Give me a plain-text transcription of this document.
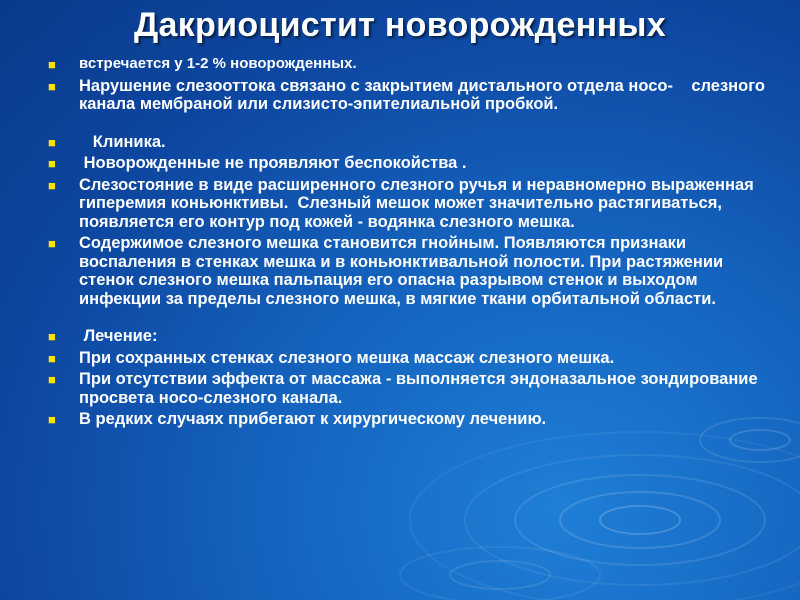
Дакриоцистит новорожденных
■ встречается у 1-2 % новорожденных.
■ Нарушение слезооттока связано с закрытием дистального отдела носо-    слезного канала мембраной или слизисто-эпителиальной пробкой.
■ Клиника.
■ Новорожденные не проявляют беспокойства .
■ Слезостояние в виде расширенного слезного ручья и неравномерно выраженная гиперемия коньюнктивы.  Слезный мешок может значительно растягиваться, появляется его контур под кожей - водянка слезного мешка.
■ Содержимое слезного мешка становится гнойным. Появляются признаки воспаления в стенках мешка и в коньюнктивальной полости. При растяжении стенок слезного мешка пальпация его опасна разрывом стенок и выходом инфекции за пределы слезного мешка, в мягкие ткани орбитальной области.
■ Лечение:
■ При сохранных стенках слезного мешка массаж слезного мешка.
■ При отсутствии эффекта от массажа - выполняется эндоназальное зондирование просвета носо-слезного канала.
■ В редких случаях прибегают к хирургическому лечению.
